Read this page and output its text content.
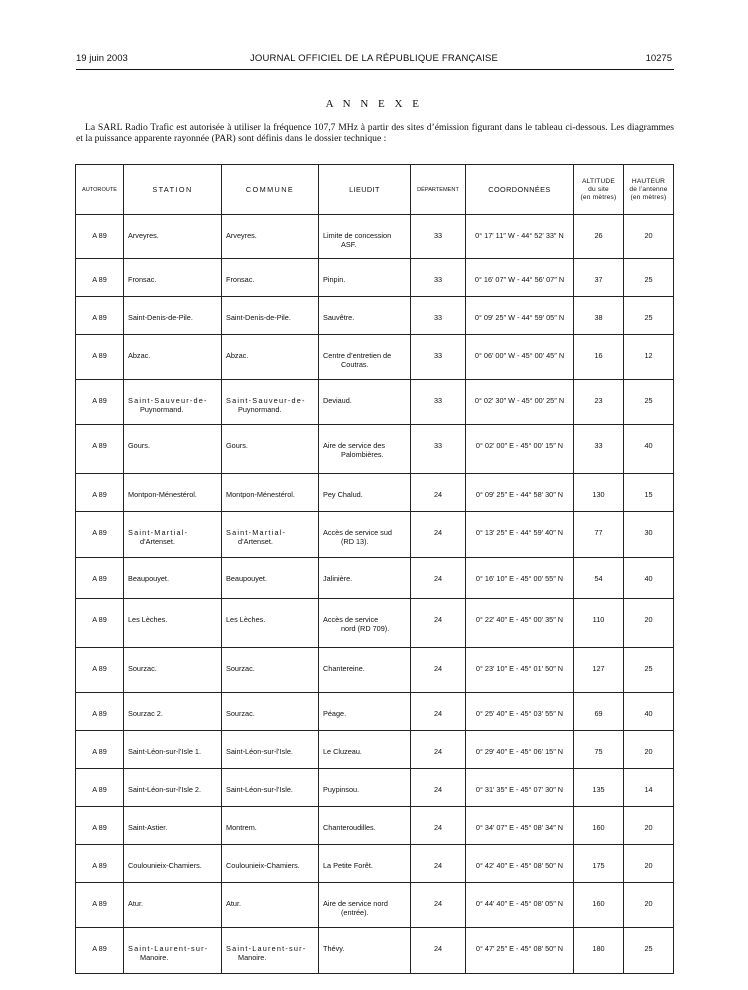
19 juin 2003	JOURNAL OFFICIEL DE LA RÉPUBLIQUE FRANÇAISE	10275
A N N E X E

La SARL Radio Trafic est autorisée à utiliser la fréquence 107,7 MHz à partir des sites d’émission figurant dans le tableau ci-dessous. Les diagrammes et la puissance apparente rayonnée (PAR) sont définis dans le dossier technique :

AUTOROUTE	STATION	COMMUNE	LIEUDIT	DÉPARTEMENT	COORDONNÉES	ALTITUDE
du site
(en mètres)	HAUTEUR
de l’antenne
(en mètres)
A 89	Arveyres.	Arveyres.	Limite de concession
ASF.	33	0° 17′ 11″ W - 44° 52′ 33″ N	26	20
A 89	Fronsac.	Fronsac.	Pinpin.	33	0° 16′ 07″ W - 44° 56′ 07″ N	37	25
A 89	Saint-Denis-de-Pile.	Saint-Denis-de-Pile.	Sauvêtre.	33	0° 09′ 25″ W - 44° 59′ 05″ N	38	25
A 89	Abzac.	Abzac.	Centre d’entretien de
Coutras.	33	0° 06′ 00″ W - 45° 00′ 45″ N	16	12
A 89	Saint-Sauveur-de-
Puynormand.	Saint-Sauveur-de-
Puynormand.	Deviaud.	33	0° 02′ 30″ W - 45° 00′ 25″ N	23	25
A 89	Gours.	Gours.	Aire de service des
Palombières.	33	0° 02′ 00″ E - 45° 00′ 15″ N	33	40
A 89	Montpon-Ménestérol.	Montpon-Ménestérol.	Pey Chalud.	24	0° 09′ 25″ E - 44° 58′ 30″ N	130	15
A 89	Saint-Martial-
d’Artenset.	Saint-Martial-
d’Artenset.	Accès de service sud
(RD 13).	24	0° 13′ 25″ E - 44° 59′ 40″ N	77	30
A 89	Beaupouyet.	Beaupouyet.	Jalinière.	24	0° 16′ 10″ E - 45° 00′ 55″ N	54	40
A 89	Les Lèches.	Les Lèches.	Accès de service
nord (RD 709).	24	0° 22′ 40″ E - 45° 00′ 35″ N	110	20
A 89	Sourzac.	Sourzac.	Chantereine.	24	0° 23′ 10″ E - 45° 01′ 50″ N	127	25
A 89	Sourzac 2.	Sourzac.	Péage.	24	0° 25′ 40″ E - 45° 03′ 55″ N	69	40
A 89	Saint-Léon-sur-l’Isle 1.	Saint-Léon-sur-l’Isle.	Le Cluzeau.	24	0° 29′ 40″ E - 45° 06′ 15″ N	75	20
A 89	Saint-Léon-sur-l’Isle 2.	Saint-Léon-sur-l’Isle.	Puypinsou.	24	0° 31′ 35″ E - 45° 07′ 30″ N	135	14
A 89	Saint-Astier.	Montrem.	Chanteroudilles.	24	0° 34′ 07″ E - 45° 08′ 34″ N	160	20
A 89	Coulounieix-Chamiers.	Coulounieix-Chamiers.	La Petite Forêt.	24	0° 42′ 40″ E - 45° 08′ 50″ N	175	20
A 89	Atur.	Atur.	Aire de service nord
(entrée).	24	0° 44′ 40″ E - 45° 08′ 05″ N	160	20
A 89	Saint-Laurent-sur-
Manoire.	Saint-Laurent-sur-
Manoire.	Thévy.	24	0° 47′ 25″ E - 45° 08′ 50″ N	180	25
